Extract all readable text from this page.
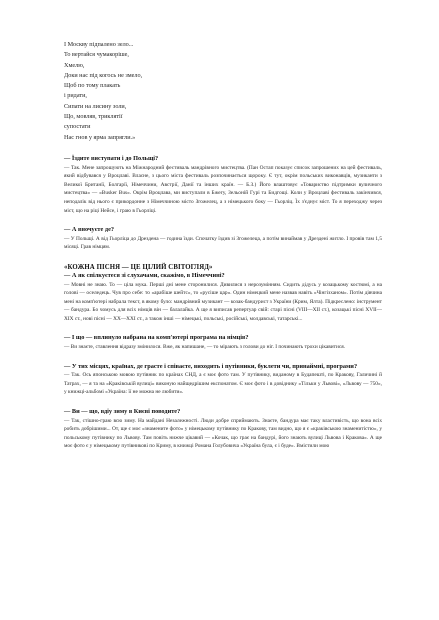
І Москву підпалено зело...
То вертайся чумакоріше,
Хмелю,
Доки нас під когось не змело,
Щоб по тому плакать
і ридати,
Сипати на лисину золи,
Що, мовляв, триклятії
супостати
Нас гнов у ярма запрягли.»
— Їздите виступати і до Польщі?

— Так. Мене запрошують на Міжнародний фестиваль мандрівного мистецтва. (Пан Остап показує список запрошених на цей фестиваль, який відбувався у Вроцлаві. Власне, з цього міста фестиваль розпочинається щороку. Є тут, окрім польських виконавців, музиканти з Великої Британії, Болгарії, Німеччини, Австрії, Данії та інших країн. — Б.З.) Його влаштовує «Товариство підтримки вуличного мистецтва» — «Busker Bus». Окрім Вроцлава, ми виступали в Бжегу, Зельоній Гурі та Бидгощі. Коли у Вроцлаві фестиваль закінчився, неподалік від нього є прикордонне з Німеччиною місто Згожелец, а з німецького боку — Гьорліц. Їх з'єднує міст. То я переходжу через міст, що на ріці Нейсе, і граю в Гьорліці.

— А вночуєте де?

— У Польщі. А від Гьорліца до Дрездена — година їзди. Спочатку їздив зі Згожелеца, а потім винаймав у Дрездені житло. І провів там 1,5 місяці. Грав німцям.

«КОЖНА ПІСНЯ — ЦЕ ЦІЛИЙ СВІТОГЛЯД»
— А як спілкуєтеся зі слухачами, скажімо, в Німеччині?

— Мовні не знаю. То — ціла мука. Перші дні мене сторонилися. Дивилися з нерозумінням. Сидить дідусь у козацькому костюмі, а на голові — оселедець. Чув про себе: то «арабіше шейтс», то «русіше цар». Один німецкий мене назвав навіть «Чінгізханом». Потім дівчина мені на комп'ютері набрала текст, в якому було: мандрівний музикант — козак-бандурист з України (Крим, Ялта). Підкреслено: інструмент — бандура. Бо чомусь для всіх німців він — балалайка. А ще я виписав репертуар свій: старі пісні (VIII—XII ст.), козацькі пісні XVII—XIX ст., нові пісні — XX—XXI ст., а також інші — німецькі, польські, російські, молдавські, татарські...

— І що — вплинуло набрана на комп'ютері програма на німців?

— Ви знаєте, ставлення відразу змінилося. Вже, як напишане, — то мірають з голови до ніг. І починають трохи цікавитися.

— У тих місцях, країнах, де грасте і співаєте, виходить і путівники, буклети чи, принаймні, програми?

— Так. Ось японською мовою путівник по країнах СНД, а є моє фото там. У путівнику, виданому в Будапешті, по Кракову, Галичині й Татрах, — я та на «Краківській вулиці» виконую найщедрішим експонатом. Є моє фото і в довіднику «Тільки у Львові», «Львову — 750», у книжці-альбомі «Україна: її не можна не любити».

— Ви — що, вдіу зиму в Києві поводите?

— Так, стішно-граю всю зиму. На майдані Незалежності. Люди добре сприймають. Знаєте, бандура має таку властивість, що вона всіх робить добрішими... От, ще є моє «знаменитe фото» у німецькому путівнику по Кракову, там видно, що я є «краківською знаменитістю», у польському путівнику по Львову. Там повіть нижче цікавий — «Кочак, що грає на бандурі, його знають вулиці Львова і Кракова». А ще моє фото є у німецькому путівникові по Криму, в книжці Романа Голубовича «Україна була, є і буде». Вмістили мою
